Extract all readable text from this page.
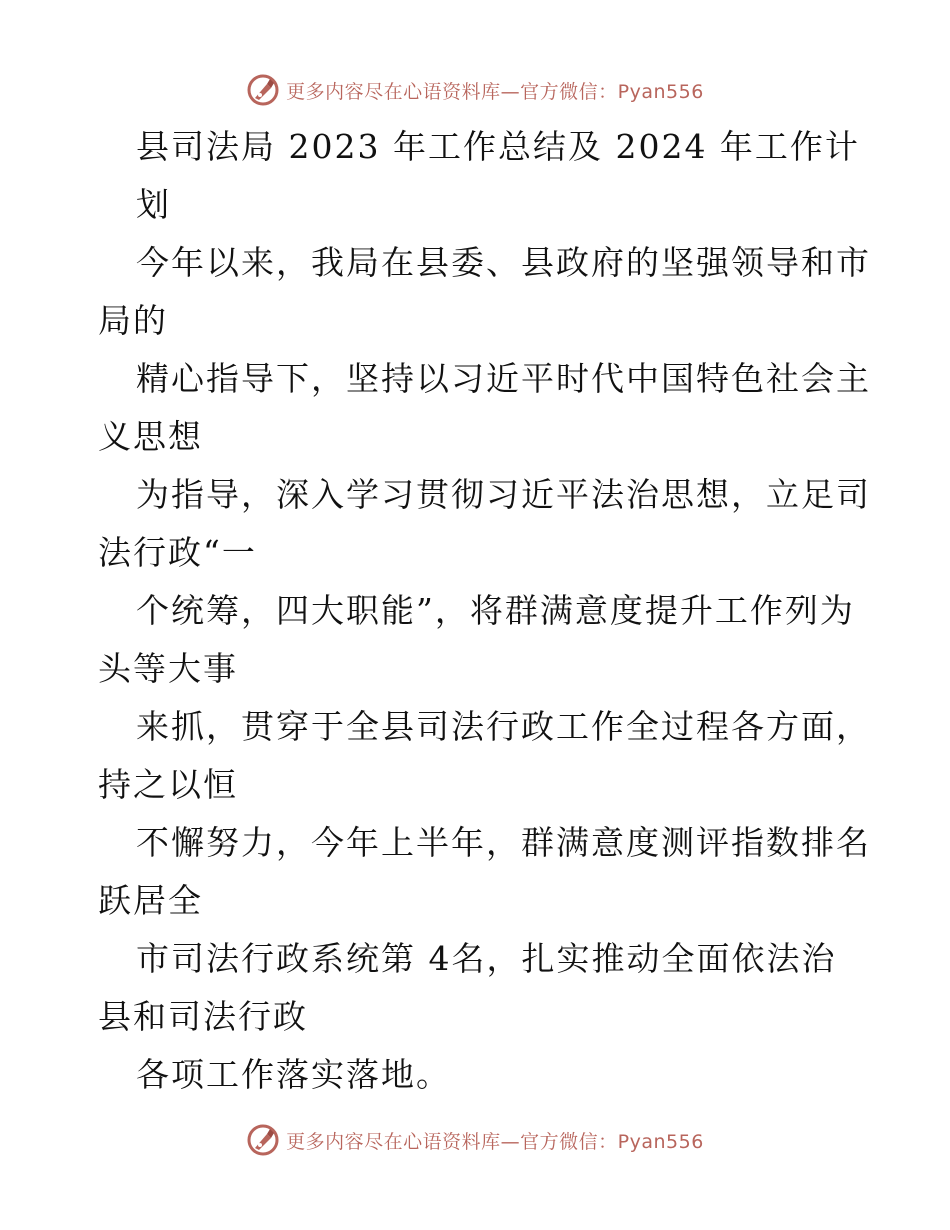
更多内容尽在心语资料库—官方微信：Pyan556
县司法局 2023 年工作总结及 2024 年工作计
划
今年以来，我局在县委、县政府的坚强领导和市
局的
精心指导下，坚持以习近平时代中国特色社会主
义思想
为指导，深入学习贯彻习近平法治思想，立足司
法行政“一
个统筹，四大职能”，将群满意度提升工作列为
头等大事
来抓，贯穿于全县司法行政工作全过程各方面，
持之以恒
不懈努力，今年上半年，群满意度测评指数排名
跃居全
市司法行政系统第 4名，扎实推动全面依法治
县和司法行政
各项工作落实落地。
更多内容尽在心语资料库—官方微信：Pyan556
